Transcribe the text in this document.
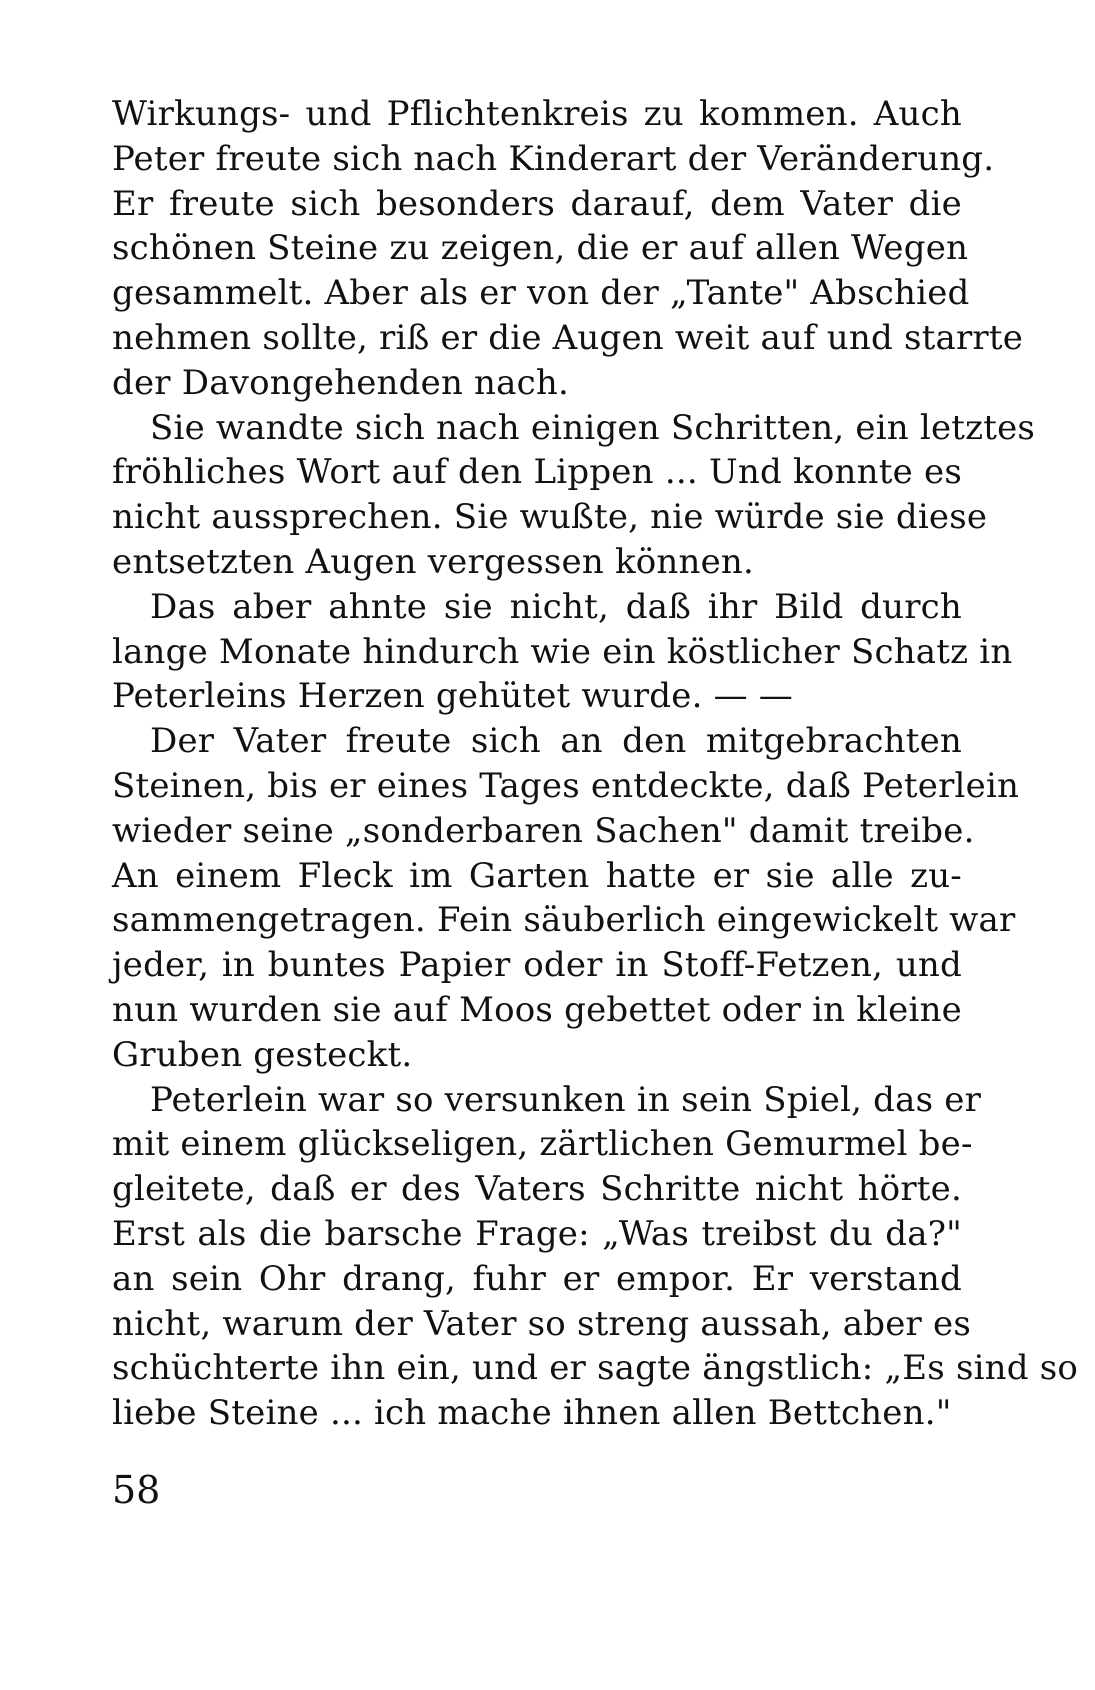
Wirkungs- und Pflichtenkreis zu kommen. Auch
Peter freute sich nach Kinderart der Veränderung.
Er freute sich besonders darauf, dem Vater die
schönen Steine zu zeigen, die er auf allen Wegen
gesammelt. Aber als er von der „Tante" Abschied
nehmen sollte, riß er die Augen weit auf und starrte
der Davongehenden nach.
Sie wandte sich nach einigen Schritten, ein letztes
fröhliches Wort auf den Lippen ... Und konnte es
nicht aussprechen. Sie wußte, nie würde sie diese
entsetzten Augen vergessen können.
Das aber ahnte sie nicht, daß ihr Bild durch
lange Monate hindurch wie ein köstlicher Schatz in
Peterleins Herzen gehütet wurde. — —
Der Vater freute sich an den mitgebrachten
Steinen, bis er eines Tages entdeckte, daß Peterlein
wieder seine „sonderbaren Sachen" damit treibe.
An einem Fleck im Garten hatte er sie alle zu-
sammengetragen. Fein säuberlich eingewickelt war
jeder, in buntes Papier oder in Stoff-Fetzen, und
nun wurden sie auf Moos gebettet oder in kleine
Gruben gesteckt.
Peterlein war so versunken in sein Spiel, das er
mit einem glückseligen, zärtlichen Gemurmel be-
gleitete, daß er des Vaters Schritte nicht hörte.
Erst als die barsche Frage: „Was treibst du da?"
an sein Ohr drang, fuhr er empor. Er verstand
nicht, warum der Vater so streng aussah, aber es
schüchterte ihn ein, und er sagte ängstlich: „Es sind so
liebe Steine ... ich mache ihnen allen Bettchen."
58
